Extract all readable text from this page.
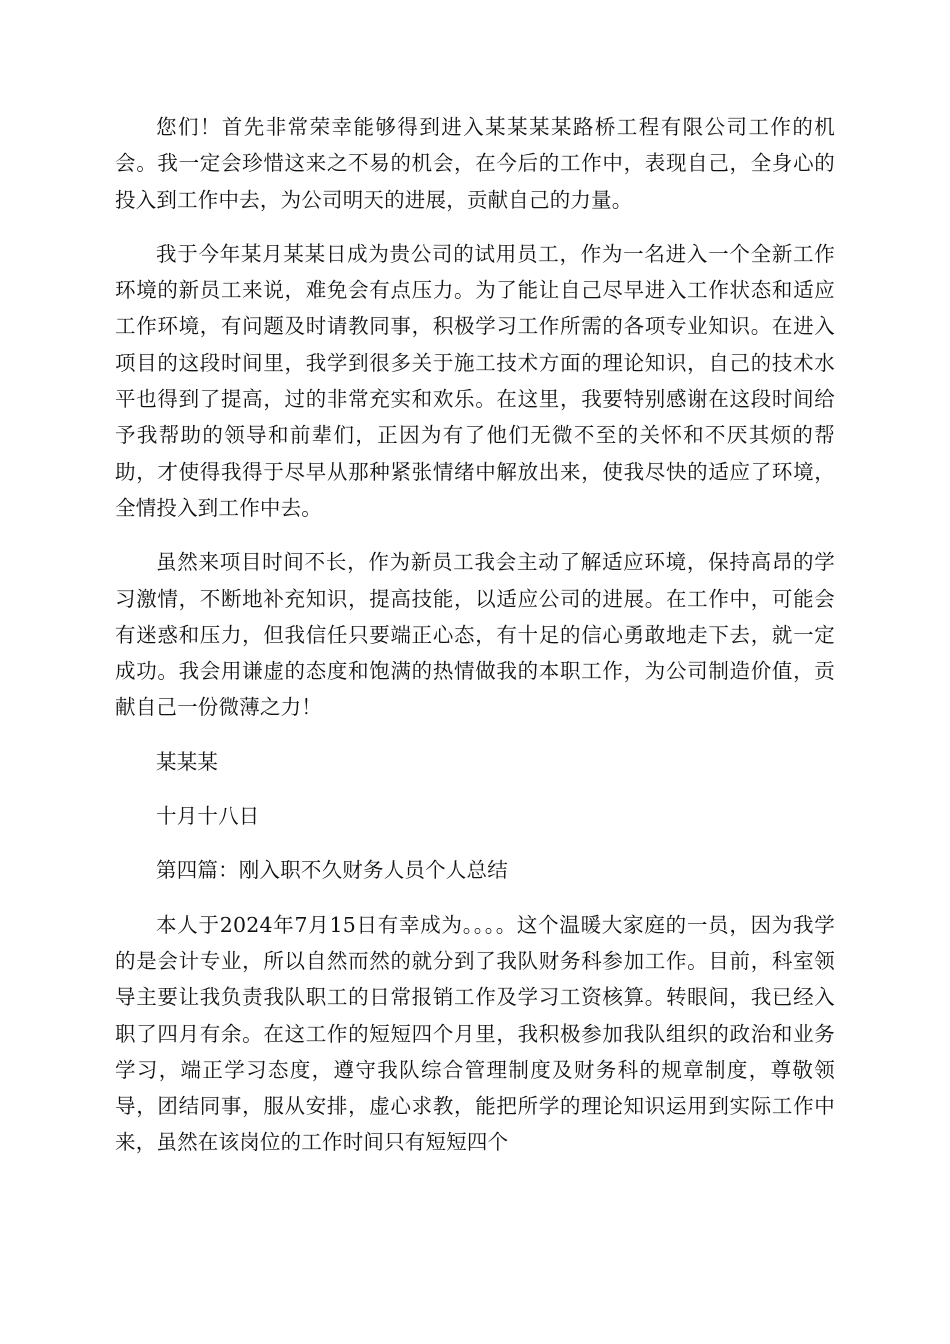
您们！首先非常荣幸能够得到进入某某某某路桥工程有限公司工作的机会。我一定会珍惜这来之不易的机会，在今后的工作中，表现自己，全身心的投入到工作中去，为公司明天的进展，贡献自己的力量。

我于今年某月某某日成为贵公司的试用员工，作为一名进入一个全新工作环境的新员工来说，难免会有点压力。为了能让自己尽早进入工作状态和适应工作环境，有问题及时请教同事，积极学习工作所需的各项专业知识。在进入项目的这段时间里，我学到很多关于施工技术方面的理论知识，自己的技术水平也得到了提高，过的非常充实和欢乐。在这里，我要特别感谢在这段时间给予我帮助的领导和前辈们，正因为有了他们无微不至的关怀和不厌其烦的帮助，才使得我得于尽早从那种紧张情绪中解放出来，使我尽快的适应了环境，全情投入到工作中去。

虽然来项目时间不长，作为新员工我会主动了解适应环境，保持高昂的学习激情，不断地补充知识，提高技能，以适应公司的进展。在工作中，可能会有迷惑和压力，但我信任只要端正心态，有十足的信心勇敢地走下去，就一定成功。我会用谦虚的态度和饱满的热情做我的本职工作，为公司制造价值，贡献自己一份微薄之力！

某某某

十月十八日

第四篇：刚入职不久财务人员个人总结

本人于2024年7月15日有幸成为。。。。这个温暖大家庭的一员，因为我学的是会计专业，所以自然而然的就分到了我队财务科参加工作。目前，科室领导主要让我负责我队职工的日常报销工作及学习工资核算。转眼间，我已经入职了四月有余。在这工作的短短四个月里，我积极参加我队组织的政治和业务学习，端正学习态度，遵守我队综合管理制度及财务科的规章制度，尊敬领导，团结同事，服从安排，虚心求教，能把所学的理论知识运用到实际工作中来，虽然在该岗位的工作时间只有短短四个
